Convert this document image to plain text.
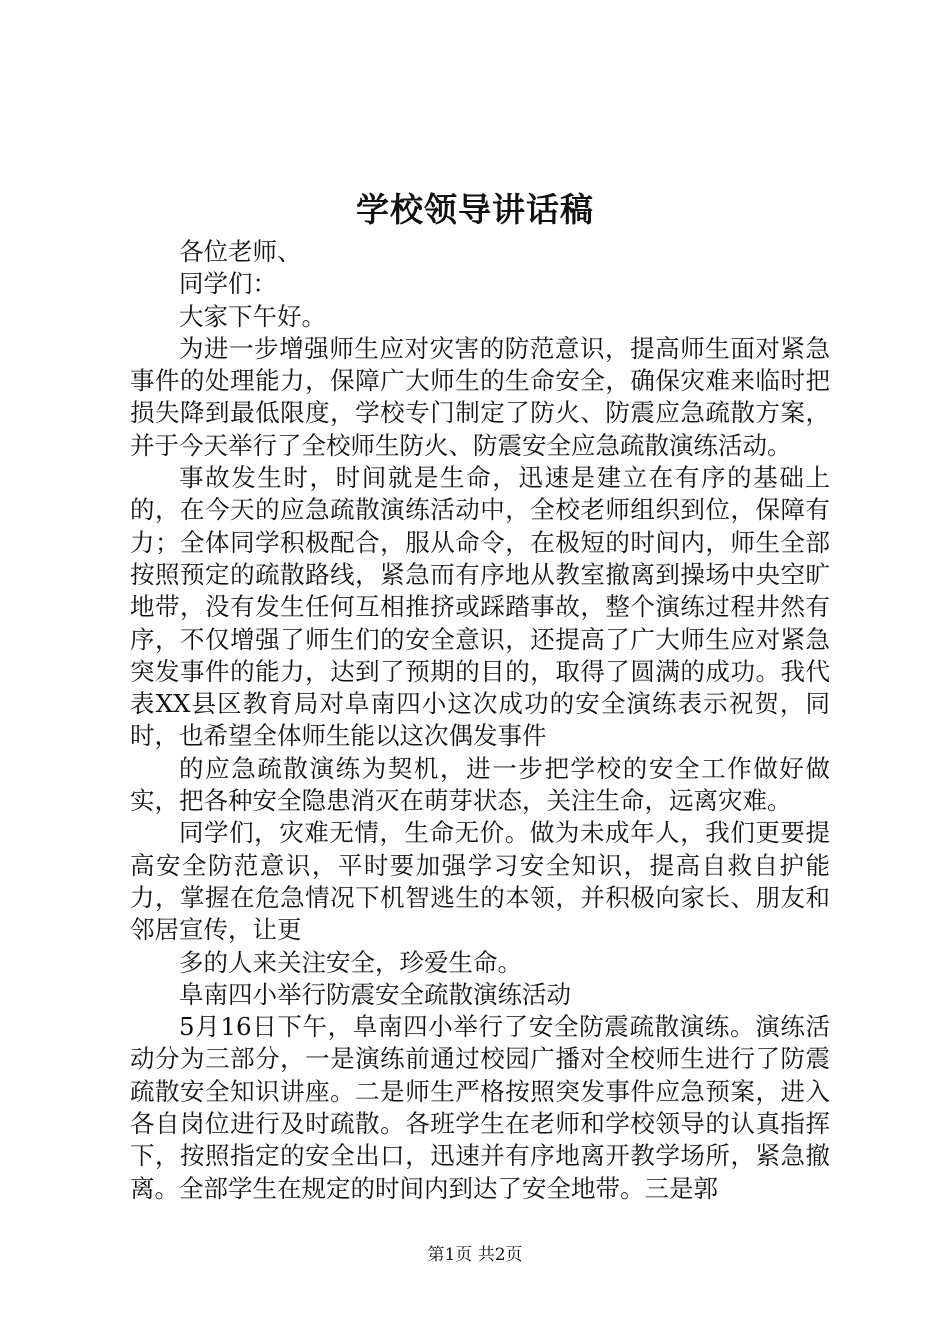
学校领导讲话稿

各位老师、

同学们：

大家下午好。

为进一步增强师生应对灾害的防范意识，提高师生面对紧急事件的处理能力，保障广大师生的生命安全，确保灾难来临时把损失降到最低限度，学校专门制定了防火、防震应急疏散方案，并于今天举行了全校师生防火、防震安全应急疏散演练活动。

事故发生时，时间就是生命，迅速是建立在有序的基础上的，在今天的应急疏散演练活动中，全校老师组织到位，保障有力；全体同学积极配合，服从命令，在极短的时间内，师生全部按照预定的疏散路线，紧急而有序地从教室撤离到操场中央空旷地带，没有发生任何互相推挤或踩踏事故，整个演练过程井然有序，不仅增强了师生们的安全意识，还提高了广大师生应对紧急突发事件的能力，达到了预期的目的，取得了圆满的成功。我代表XX县区教育局对阜南四小这次成功的安全演练表示祝贺，同时，也希望全体师生能以这次偶发事件

的应急疏散演练为契机，进一步把学校的安全工作做好做实，把各种安全隐患消灭在萌芽状态，关注生命，远离灾难。

同学们，灾难无情，生命无价。做为未成年人，我们更要提高安全防范意识，平时要加强学习安全知识，提高自救自护能力，掌握在危急情况下机智逃生的本领，并积极向家长、朋友和邻居宣传，让更

多的人来关注安全，珍爱生命。

阜南四小举行防震安全疏散演练活动

5月16日下午，阜南四小举行了安全防震疏散演练。演练活动分为三部分，一是演练前通过校园广播对全校师生进行了防震疏散安全知识讲座。二是师生严格按照突发事件应急预案，进入各自岗位进行及时疏散。各班学生在老师和学校领导的认真指挥下，按照指定的安全出口，迅速并有序地离开教学场所，紧急撤离。全部学生在规定的时间内到达了安全地带。三是郭

第1页 共2页
